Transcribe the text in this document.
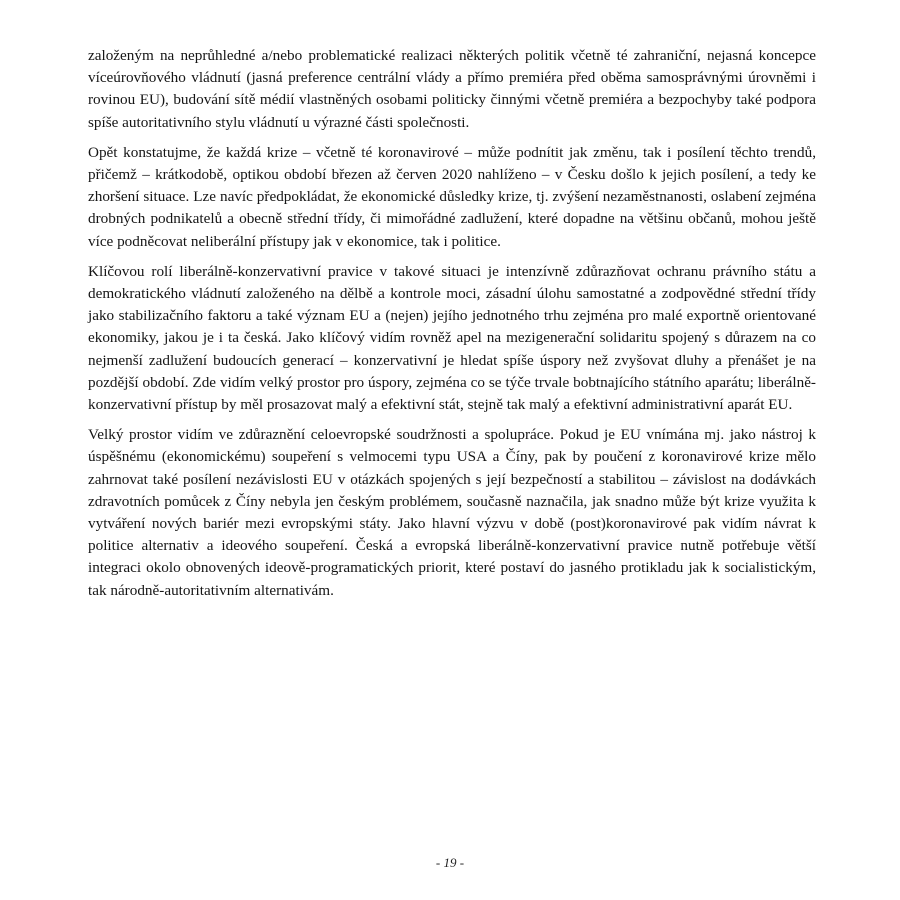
založeným na neprůhledné a/nebo problematické realizaci některých politik včetně té zahraniční, nejasná koncepce víceúrovňového vládnutí (jasná preference centrální vlády a přímo premiéra před oběma samosprávnými úrovněmi i rovinou EU), budování sítě médií vlastněných osobami politicky činnými včetně premiéra a bezpochyby také podpora spíše autoritativního stylu vládnutí u výrazné části společnosti.

Opět konstatujme, že každá krize – včetně té koronavirové – může podnítit jak změnu, tak i posílení těchto trendů, přičemž – krátkodobě, optikou období březen až červen 2020 nahlíženo – v Česku došlo k jejich posílení, a tedy ke zhoršení situace. Lze navíc předpokládat, že ekonomické důsledky krize, tj. zvýšení nezaměstnanosti, oslabení zejména drobných podnikatelů a obecně střední třídy, či mimořádné zadlužení, které dopadne na většinu občanů, mohou ještě více podněcovat neliberální přístupy jak v ekonomice, tak i politice.

Klíčovou rolí liberálně-konzervativní pravice v takové situaci je intenzívně zdůrazňovat ochranu právního státu a demokratického vládnutí založeného na dělbě a kontrole moci, zásadní úlohu samostatné a zodpovědné střední třídy jako stabilizačního faktoru a také význam EU a (nejen) jejího jednotného trhu zejména pro malé exportně orientované ekonomiky, jakou je i ta česká. Jako klíčový vidím rovněž apel na mezigenerační solidaritu spojený s důrazem na co nejmenší zadlužení budoucích generací – konzervativní je hledat spíše úspory než zvyšovat dluhy a přenášet je na pozdější období. Zde vidím velký prostor pro úspory, zejména co se týče trvale bobtnajícího státního aparátu; liberálně-konzervativní přístup by měl prosazovat malý a efektivní stát, stejně tak malý a efektivní administrativní aparát EU.

Velký prostor vidím ve zdůraznění celoevropské soudržnosti a spolupráce. Pokud je EU vnímána mj. jako nástroj k úspěšnému (ekonomickému) soupeření s velmocemi typu USA a Číny, pak by poučení z koronavirové krize mělo zahrnovat také posílení nezávislosti EU v otázkách spojených s její bezpečností a stabilitou – závislost na dodávkách zdravotních pomůcek z Číny nebyla jen českým problémem, současně naznačila, jak snadno může být krize využita k vytváření nových bariér mezi evropskými státy. Jako hlavní výzvu v době (post)koronavirové pak vidím návrat k politice alternativ a ideového soupeření. Česká a evropská liberálně-konzervativní pravice nutně potřebuje větší integraci okolo obnovených ideově-programatických priorit, které postaví do jasného protikladu jak k socialistickým, tak národně-autoritativním alternativám.

- 19 -
